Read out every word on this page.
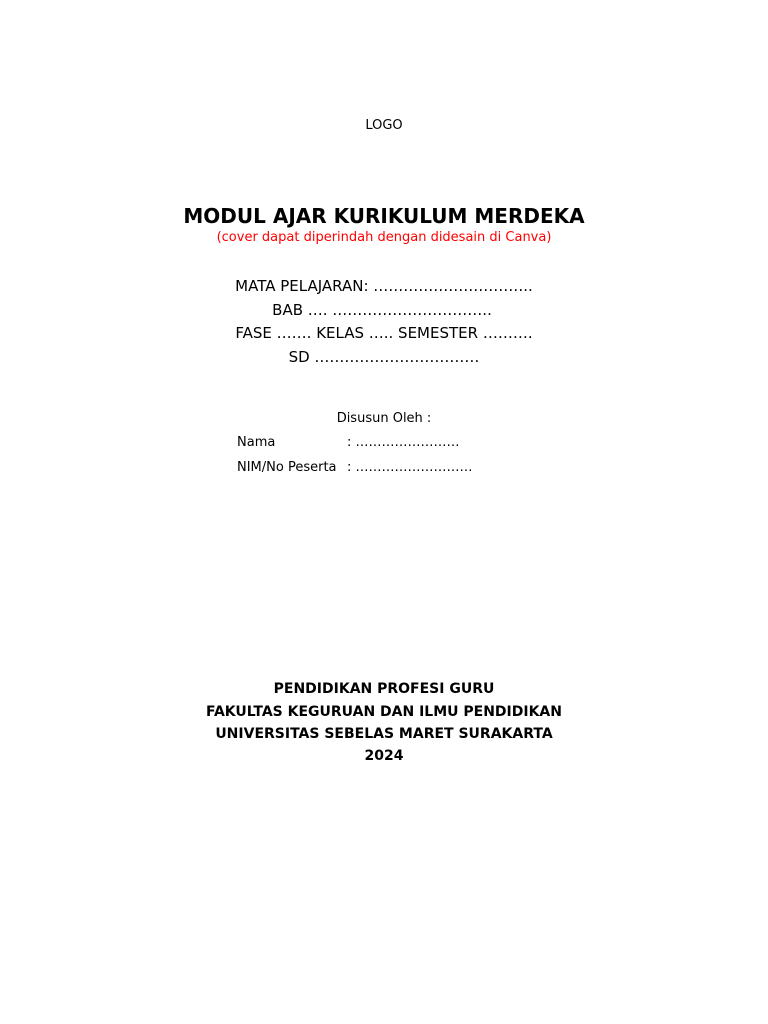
LOGO
MODUL AJAR KURIKULUM MERDEKA
(cover dapat diperindah dengan didesain di Canva)
MATA PELAJARAN: …………………………..
BAB …. …………………………..
FASE ……. KELAS ….. SEMESTER ……….
SD ……………………………
Disusun Oleh :
Nama	: ……………………
NIM/No Peserta : ………………………
PENDIDIKAN PROFESI GURU
FAKULTAS KEGURUAN DAN ILMU PENDIDIKAN
UNIVERSITAS SEBELAS MARET SURAKARTA
2024
